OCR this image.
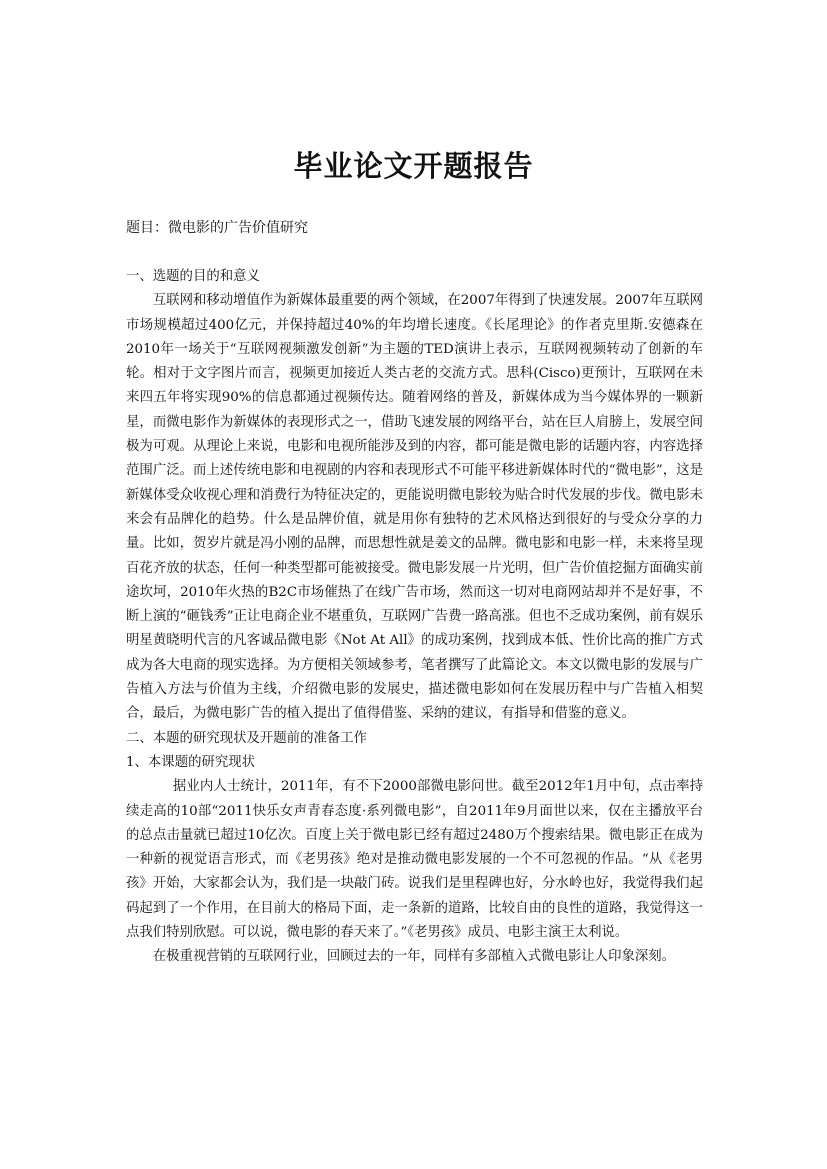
毕业论文开题报告

题目：微电影的广告价值研究

一、选题的目的和意义

互联网和移动增值作为新媒体最重要的两个领域，在2007年得到了快速发展。2007年互联网市场规模超过400亿元，并保持超过40%的年均增长速度。《长尾理论》的作者克里斯.安德森在2010年一场关于“互联网视频激发创新”为主题的TED演讲上表示，互联网视频转动了创新的车轮。相对于文字图片而言，视频更加接近人类古老的交流方式。思科(Cisco)更预计，互联网在未来四五年将实现90%的信息都通过视频传达。随着网络的普及，新媒体成为当今媒体界的一颗新星，而微电影作为新媒体的表现形式之一，借助飞速发展的网络平台，站在巨人肩膀上，发展空间极为可观。从理论上来说，电影和电视所能涉及到的内容，都可能是微电影的话题内容，内容选择范围广泛。而上述传统电影和电视剧的内容和表现形式不可能平移进新媒体时代的“微电影”，这是新媒体受众收视心理和消费行为特征决定的，更能说明微电影较为贴合时代发展的步伐。微电影未来会有品牌化的趋势。什么是品牌价值，就是用你有独特的艺术风格达到很好的与受众分享的力量。比如，贺岁片就是冯小刚的品牌，而思想性就是姜文的品牌。微电影和电影一样，未来将呈现百花齐放的状态，任何一种类型都可能被接受。微电影发展一片光明，但广告价值挖掘方面确实前途坎坷，2010年火热的B2C市场催热了在线广告市场，然而这一切对电商网站却并不是好事，不断上演的“砸钱秀”正让电商企业不堪重负，互联网广告费一路高涨。但也不乏成功案例，前有娱乐明星黄晓明代言的凡客诚品微电影《Not At All》的成功案例，找到成本低、性价比高的推广方式成为各大电商的现实选择。为方便相关领域参考，笔者撰写了此篇论文。本文以微电影的发展与广告植入方法与价值为主线，介绍微电影的发展史，描述微电影如何在发展历程中与广告植入相契合，最后，为微电影广告的植入提出了值得借鉴、采纳的建议，有指导和借鉴的意义。

二、本题的研究现状及开题前的准备工作

1、本课题的研究现状

据业内人士统计，2011年，有不下2000部微电影问世。截至2012年1月中旬，点击率持续走高的10部“2011快乐女声青春态度·系列微电影”，自2011年9月面世以来，仅在主播放平台的总点击量就已超过10亿次。百度上关于微电影已经有超过2480万个搜索结果。微电影正在成为一种新的视觉语言形式，而《老男孩》绝对是推动微电影发展的一个不可忽视的作品。“从《老男孩》开始，大家都会认为，我们是一块敲门砖。说我们是里程碑也好，分水岭也好，我觉得我们起码起到了一个作用，在目前大的格局下面，走一条新的道路，比较自由的良性的道路，我觉得这一点我们特别欣慰。可以说，微电影的春天来了。”《老男孩》成员、电影主演王太利说。

在极重视营销的互联网行业，回顾过去的一年，同样有多部植入式微电影让人印象深刻。
